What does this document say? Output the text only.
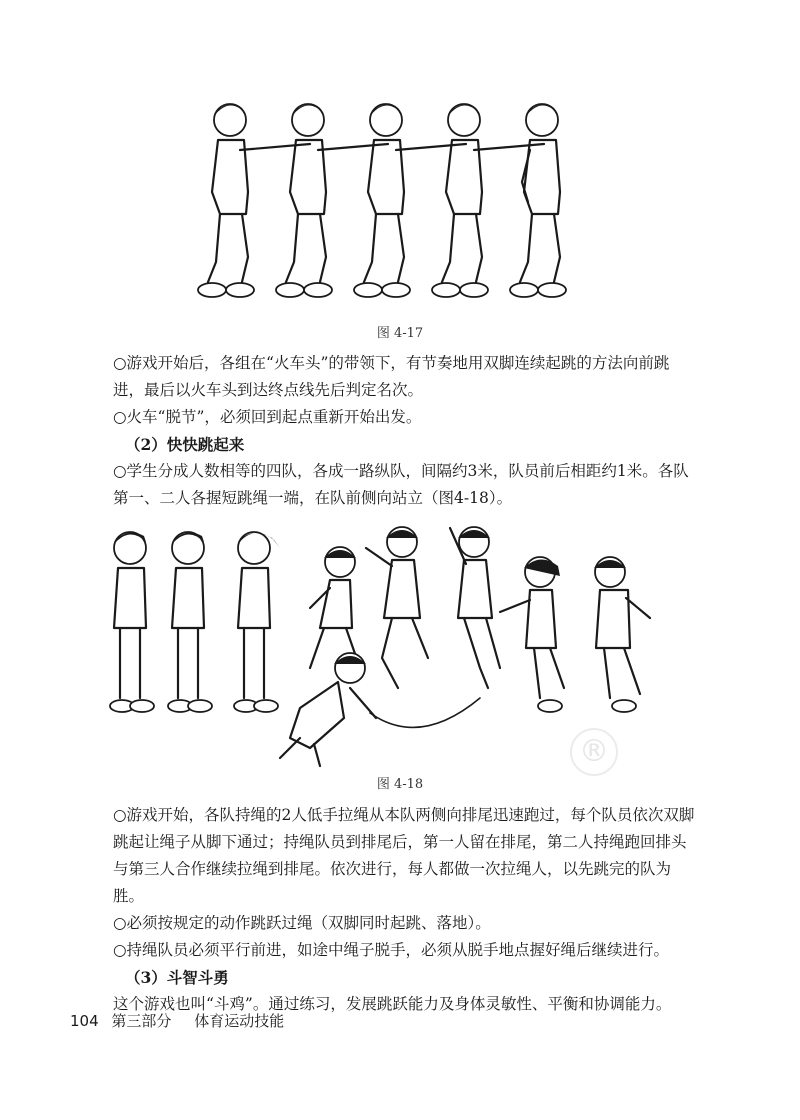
图 4-17

○游戏开始后，各组在“火车头”的带领下，有节奏地用双脚连续起跳的方法向前跳进，最后以火车头到达终点线先后判定名次。

○火车“脱节”，必须回到起点重新开始出发。

（2）快快跳起来

○学生分成人数相等的四队，各成一路纵队，间隔约3米，队员前后相距约1米。各队第一、二人各握短跳绳一端，在队前侧向站立（图4-18）。

®
图 4-18

○游戏开始，各队持绳的2人低手拉绳从本队两侧向排尾迅速跑过，每个队员依次双脚跳起让绳子从脚下通过；持绳队员到排尾后，第一人留在排尾，第二人持绳跑回排头与第三人合作继续拉绳到排尾。依次进行，每人都做一次拉绳人，以先跳完的队为胜。

○必须按规定的动作跳跃过绳（双脚同时起跳、落地）。

○持绳队员必须平行前进，如途中绳子脱手，必须从脱手地点握好绳后继续进行。

（3）斗智斗勇

这个游戏也叫“斗鸡”。通过练习，发展跳跃能力及身体灵敏性、平衡和协调能力。

104 第三部分 体育运动技能
